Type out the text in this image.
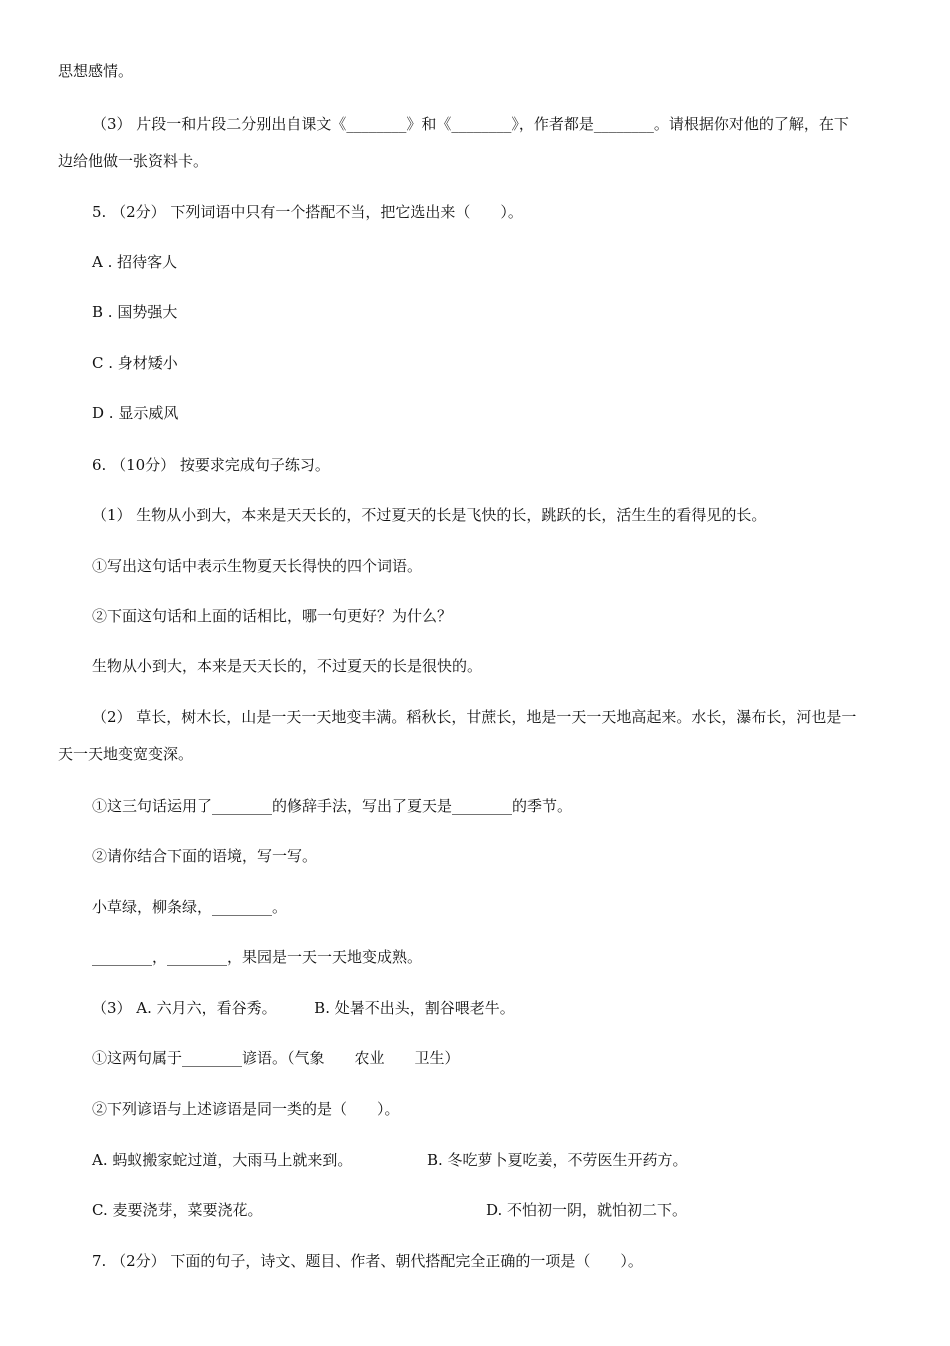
思想感情。
（3） 片段一和片段二分别出自课文《________》和《________》，作者都是________。请根据你对他的了解，在下
边给他做一张资料卡。
5. （2分） 下列词语中只有一个搭配不当，把它选出来（　　）。
A . 招待客人
B . 国势强大
C . 身材矮小
D . 显示威风
6. （10分） 按要求完成句子练习。
（1） 生物从小到大，本来是天天长的，不过夏天的长是飞快的长，跳跃的长，活生生的看得见的长。
①写出这句话中表示生物夏天长得快的四个词语。
②下面这句话和上面的话相比，哪一句更好？为什么？
生物从小到大，本来是天天长的，不过夏天的长是很快的。
（2） 草长，树木长，山是一天一天地变丰满。稻秋长，甘蔗长，地是一天一天地高起来。水长，瀑布长，河也是一
天一天地变宽变深。
①这三句话运用了________的修辞手法，写出了夏天是________的季节。
②请你结合下面的语境，写一写。
小草绿，柳条绿，________。
________，________，果园是一天一天地变成熟。
（3） A. 六月六，看谷秀。　　　B. 处暑不出头，割谷喂老牛。
①这两句属于________谚语。（气象　　农业　　卫生）
②下列谚语与上述谚语是同一类的是（　　）。
A. 蚂蚁搬家蛇过道，大雨马上就来到。	B. 冬吃萝卜夏吃姜，不劳医生开药方。
C. 麦要浇芽，菜要浇花。	D. 不怕初一阴，就怕初二下。
7. （2分） 下面的句子，诗文、题目、作者、朝代搭配完全正确的一项是（　　）。
